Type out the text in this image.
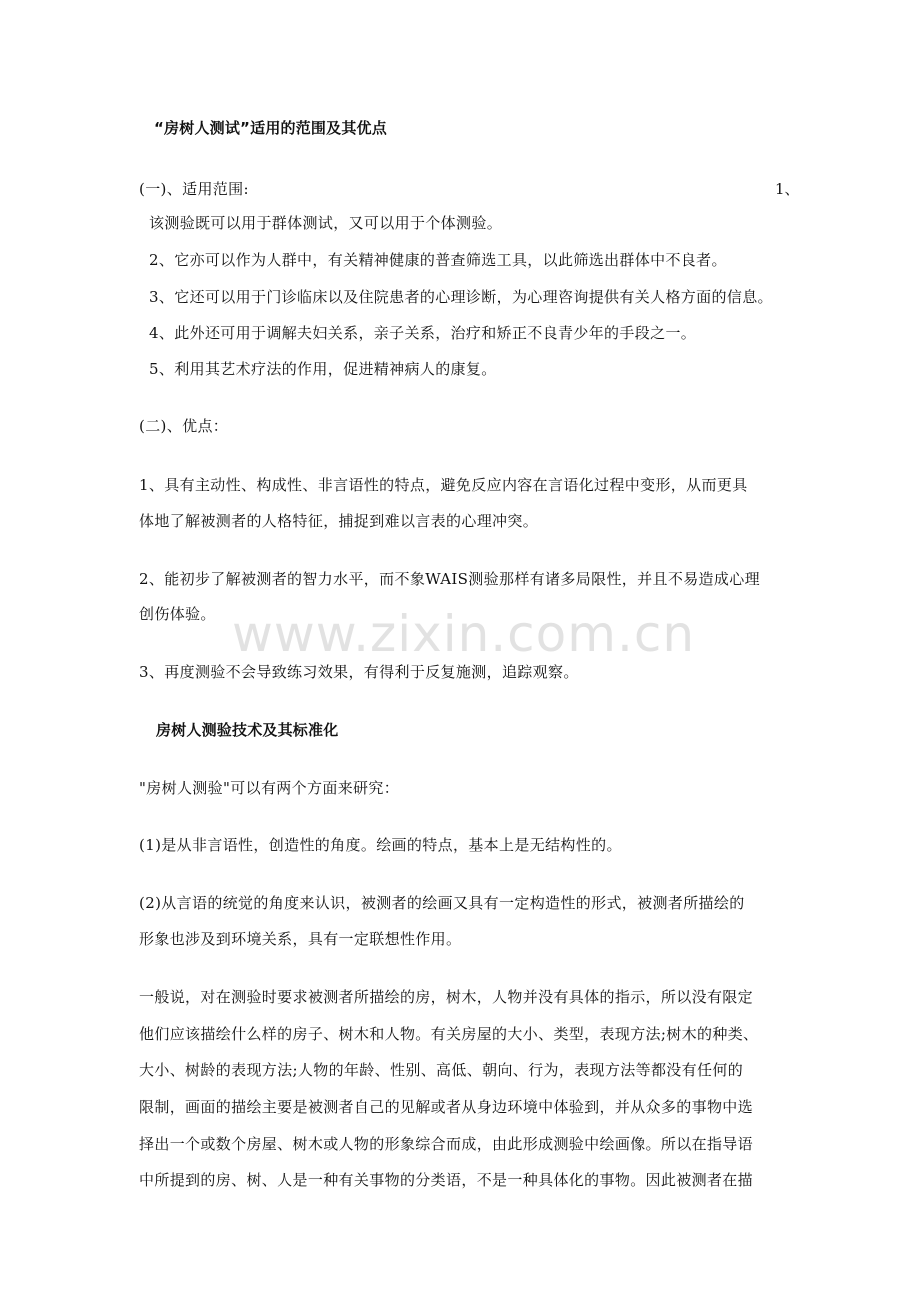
“房树人测试”适用的范围及其优点
(一)、适用范围:	1、
该测验既可以用于群体测试，又可以用于个体测验。
2、它亦可以作为人群中，有关精神健康的普查筛选工具，以此筛选出群体中不良者。
3、它还可以用于门诊临床以及住院患者的心理诊断，为心理咨询提供有关人格方面的信息。
4、此外还可用于调解夫妇关系，亲子关系，治疗和矫正不良青少年的手段之一。
5、利用其艺术疗法的作用，促进精神病人的康复。
(二)、优点：
1、具有主动性、构成性、非言语性的特点，避免反应内容在言语化过程中变形，从而更具
体地了解被测者的人格特征，捕捉到难以言表的心理冲突。
2、能初步了解被测者的智力水平，而不象WAIS测验那样有诸多局限性，并且不易造成心理
创伤体验。
3、再度测验不会导致练习效果，有得利于反复施测，追踪观察。
房树人测验技术及其标准化
"房树人测验"可以有两个方面来研究：
(1)是从非言语性，创造性的角度。绘画的特点，基本上是无结构性的。
(2)从言语的统觉的角度来认识，被测者的绘画又具有一定构造性的形式，被测者所描绘的
形象也涉及到环境关系，具有一定联想性作用。
一般说，对在测验时要求被测者所描绘的房，树木，人物并没有具体的指示，所以没有限定
他们应该描绘什么样的房子、树木和人物。有关房屋的大小、类型，表现方法;树木的种类、
大小、树龄的表现方法;人物的年龄、性别、高低、朝向、行为，表现方法等都没有任何的
限制，画面的描绘主要是被测者自己的见解或者从身边环境中体验到，并从众多的事物中选
择出一个或数个房屋、树木或人物的形象综合而成，由此形成测验中绘画像。所以在指导语
中所提到的房、树、人是一种有关事物的分类语，不是一种具体化的事物。因此被测者在描
www.zixin.com.cn
